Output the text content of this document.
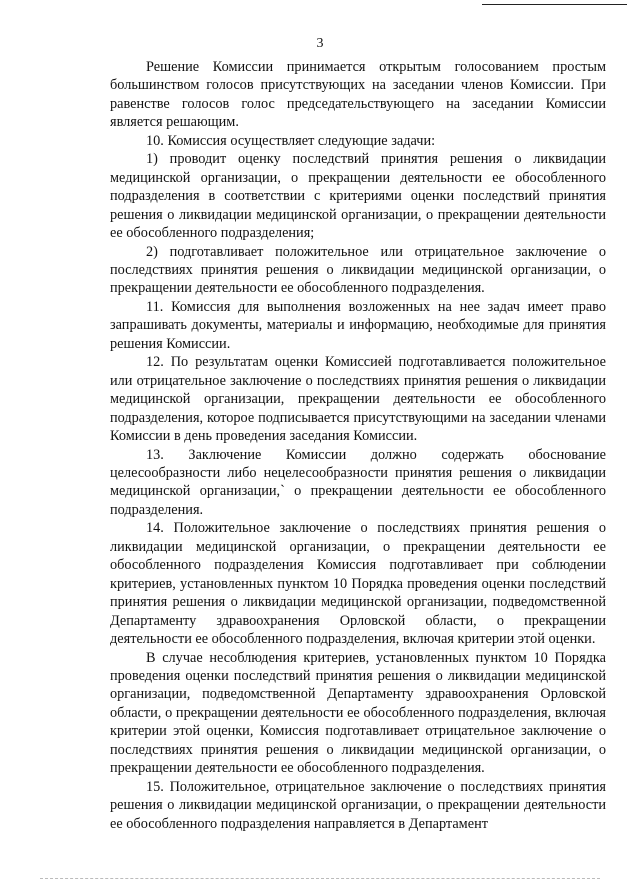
3

Решение Комиссии принимается открытым голосованием простым большинством голосов присутствующих на заседании членов Комиссии. При равенстве голосов голос председательствующего на заседании Комиссии является решающим.

10. Комиссия осуществляет следующие задачи:

1) проводит оценку последствий принятия решения о ликвидации медицинской организации, о прекращении деятельности ее обособленного подразделения в соответствии с критериями оценки последствий принятия решения о ликвидации медицинской организации, о прекращении деятельности ее обособленного подразделения;

2) подготавливает положительное или отрицательное заключение о последствиях принятия решения о ликвидации медицинской организации, о прекращении деятельности ее обособленного подразделения.

11. Комиссия для выполнения возложенных на нее задач имеет право запрашивать документы, материалы и информацию, необходимые для принятия решения Комиссии.

12. По результатам оценки Комиссией подготавливается положительное или отрицательное заключение о последствиях принятия решения о ликвидации медицинской организации, прекращении деятельности ее обособленного подразделения, которое подписывается присутствующими на заседании членами Комиссии в день проведения заседания Комиссии.

13. Заключение Комиссии должно содержать обоснование целесообразности либо нецелесообразности принятия решения о ликвидации медицинской организации,` о прекращении деятельности ее обособленного подразделения.

14. Положительное заключение о последствиях принятия решения о ликвидации медицинской организации, о прекращении деятельности ее обособленного подразделения Комиссия подготавливает при соблюдении критериев, установленных пунктом 10 Порядка проведения оценки последствий принятия решения о ликвидации медицинской организации, подведомственной Департаменту здравоохранения Орловской области, о прекращении деятельности ее обособленного подразделения, включая критерии этой оценки.

В случае несоблюдения критериев, установленных пунктом 10 Порядка проведения оценки последствий принятия решения о ликвидации медицинской организации, подведомственной Департаменту здравоохранения Орловской области, о прекращении деятельности ее обособленного подразделения, включая критерии этой оценки, Комиссия подготавливает отрицательное заключение о последствиях принятия решения о ликвидации медицинской организации, о прекращении деятельности ее обособленного подразделения.

15. Положительное, отрицательное заключение о последствиях принятия решения о ликвидации медицинской организации, о прекращении деятельности ее обособленного подразделения направляется в Департамент
